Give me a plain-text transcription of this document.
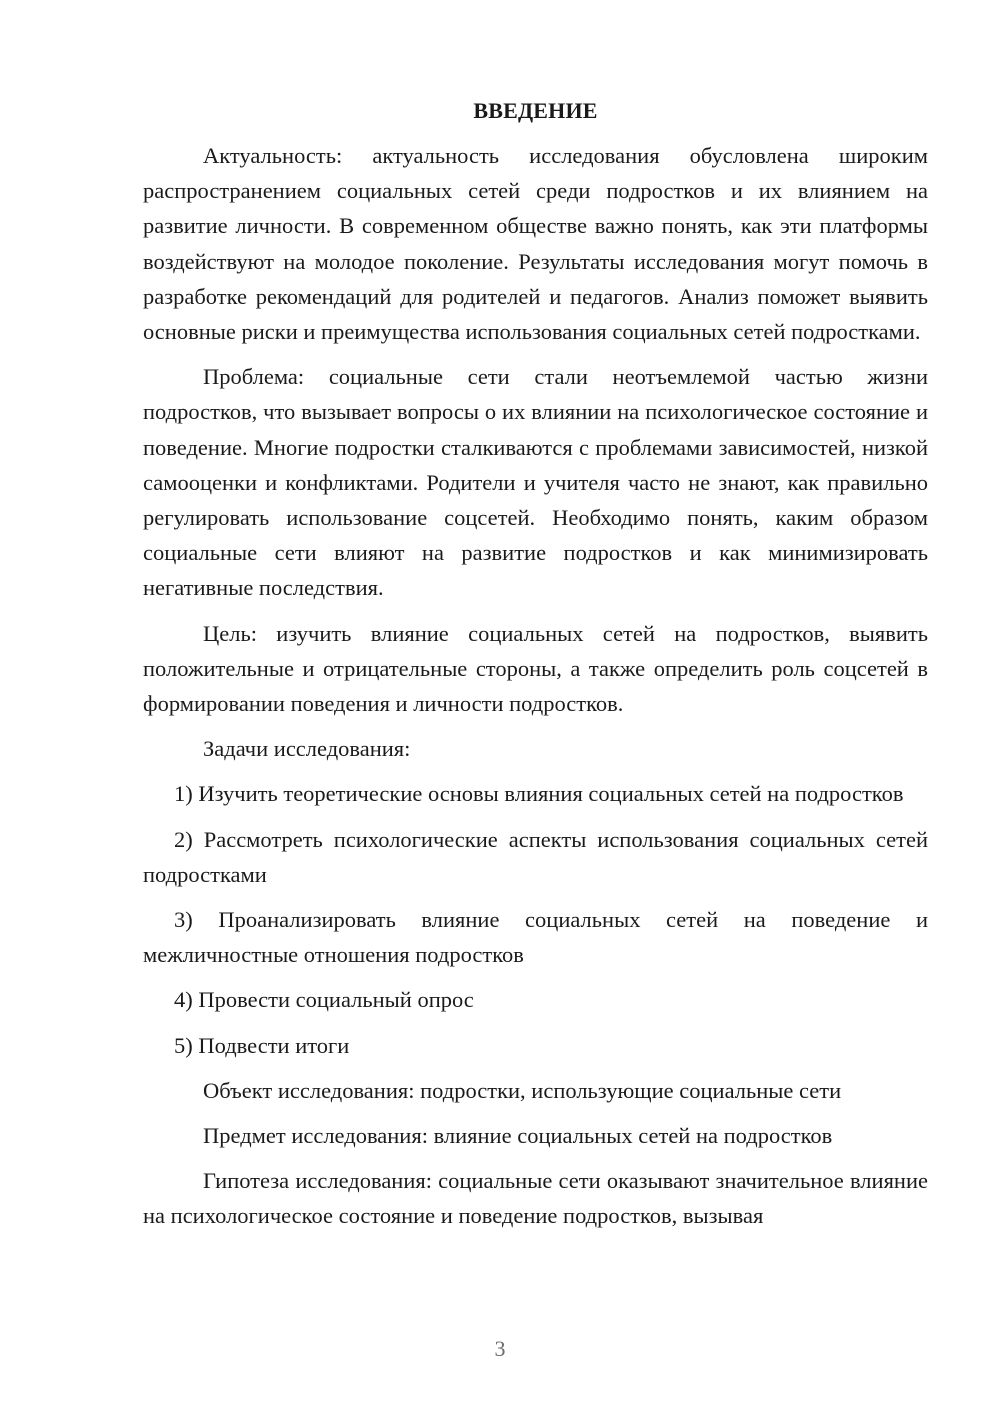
ВВЕДЕНИЕ

Актуальность: актуальность исследования обусловлена широким распространением социальных сетей среди подростков и их влиянием на развитие личности. В современном обществе важно понять, как эти платформы воздействуют на молодое поколение. Результаты исследования могут помочь в разработке рекомендаций для родителей и педагогов. Анализ поможет выявить основные риски и преимущества использования социальных сетей подростками.

Проблема: социальные сети стали неотъемлемой частью жизни подростков, что вызывает вопросы о их влиянии на психологическое состояние и поведение. Многие подростки сталкиваются с проблемами зависимостей, низкой самооценки и конфликтами. Родители и учителя часто не знают, как правильно регулировать использование соцсетей. Необходимо понять, каким образом социальные сети влияют на развитие подростков и как минимизировать негативные последствия.

Цель: изучить влияние социальных сетей на подростков, выявить положительные и отрицательные стороны, а также определить роль соцсетей в формировании поведения и личности подростков.

Задачи исследования:

1) Изучить теоретические основы влияния социальных сетей на подростков

2) Рассмотреть психологические аспекты использования социальных сетей подростками

3) Проанализировать влияние социальных сетей на поведение и межличностные отношения подростков

4) Провести социальный опрос

5) Подвести итоги

Объект исследования: подростки, использующие социальные сети

Предмет исследования: влияние социальных сетей на подростков

Гипотеза исследования: социальные сети оказывают значительное влияние на психологическое состояние и поведение подростков, вызывая

3
